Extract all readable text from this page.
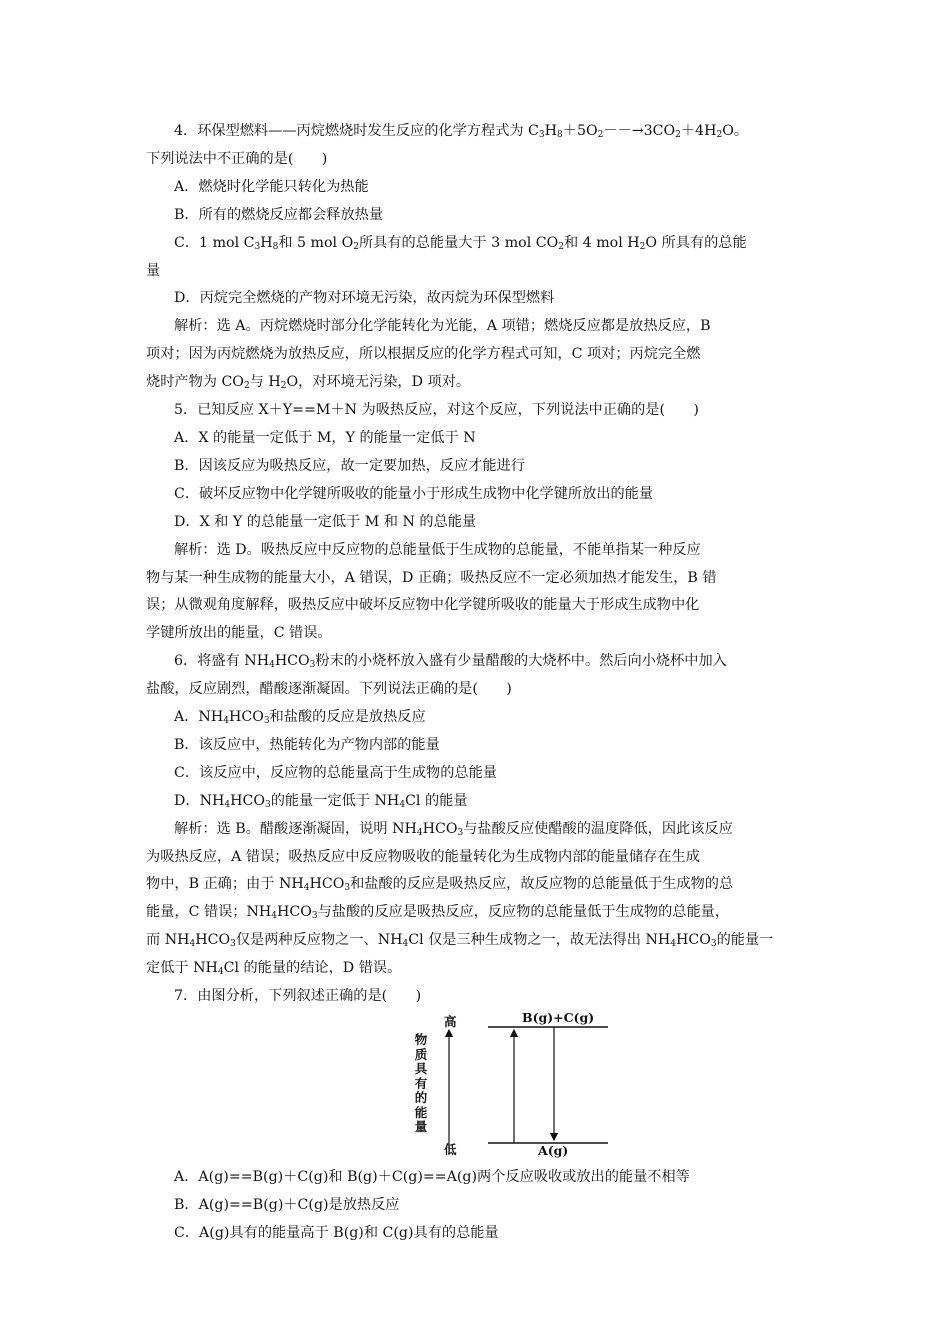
4．环保型燃料——丙烷燃烧时发生反应的化学方程式为 $C_3H_8+5O_2--\to 3CO_2+4H_2O$。

下列说法中不正确的是(　　)

A．燃烧时化学能只转化为热能

B．所有的燃烧反应都会释放热量

C．1 mol $C_3H_8$和 5 mol $O_2$所具有的总能量大于 3 mol $CO_2$和 4 mol $H_2O$ 所具有的总能

量

D．丙烷完全燃烧的产物对环境无污染，故丙烷为环保型燃料

解析：选 A。丙烷燃烧时部分化学能转化为光能，A 项错；燃烧反应都是放热反应，B

项对；因为丙烷燃烧为放热反应，所以根据反应的化学方程式可知，C 项对；丙烷完全燃

烧时产物为 $CO_2$与 $H_2O$，对环境无污染，D 项对。

5．已知反应 X＋Y==M＋N 为吸热反应，对这个反应，下列说法中正确的是(　　)

A．X 的能量一定低于 M，Y 的能量一定低于 N

B．因该反应为吸热反应，故一定要加热，反应才能进行

C．破坏反应物中化学键所吸收的能量小于形成生成物中化学键所放出的能量

D．X 和 Y 的总能量一定低于 M 和 N 的总能量

解析：选 D。吸热反应中反应物的总能量低于生成物的总能量，不能单指某一种反应

物与某一种生成物的能量大小，A 错误，D 正确；吸热反应不一定必须加热才能发生，B 错

误；从微观角度解释，吸热反应中破坏反应物中化学键所吸收的能量大于形成生成物中化

学键所放出的能量，C 错误。

6．将盛有 $NH_4HCO_3$粉末的小烧杯放入盛有少量醋酸的大烧杯中。然后向小烧杯中加入

盐酸，反应剧烈，醋酸逐渐凝固。下列说法正确的是(　　)

A．$NH_4HCO_3$和盐酸的反应是放热反应

B．该反应中，热能转化为产物内部的能量

C．该反应中，反应物的总能量高于生成物的总能量

D．$NH_4HCO_3$的能量一定低于 $NH_4Cl$ 的能量

解析：选 B。醋酸逐渐凝固，说明 $NH_4HCO_3$与盐酸反应使醋酸的温度降低，因此该反应

为吸热反应，A 错误；吸热反应中反应物吸收的能量转化为生成物内部的能量储存在生成

物中，B 正确；由于 $NH_4HCO_3$和盐酸的反应是吸热反应，故反应物的总能量低于生成物的总

能量，C 错误；$NH_4HCO_3$与盐酸的反应是吸热反应，反应物的总能量低于生成物的总能量，

而 $NH_4HCO_3$仅是两种反应物之一、$NH_4Cl$ 仅是三种生成物之一，故无法得出 $NH_4HCO_3$的能量一

定低于 $NH_4Cl$ 的能量的结论，D 错误。

7．由图分析，下列叙述正确的是(　　)

高
低
物质具有的能量
B(g)+C(g)
A(g)

A．A(g)==B(g)＋C(g)和 B(g)＋C(g)==A(g)两个反应吸收或放出的能量不相等

B．A(g)==B(g)＋C(g)是放热反应

C．A(g)具有的能量高于 B(g)和 C(g)具有的总能量
